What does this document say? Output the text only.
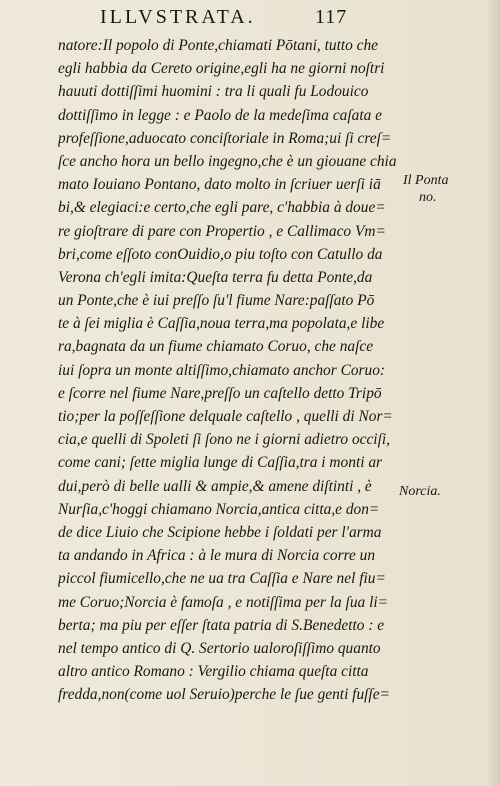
ILLVSTRATA.	117
natore:Il popolo di Ponte,chiamati Pōtani, tutto che
egli habbia da Cereto origine,egli ha ne giorni noſtri
hauuti dottiſſimi huomini : tra li quali fu Lodouico
dottiſſimo in legge : e Paolo de la medeſima caſata e
profeſſione,aduocato conciſtoriale in Roma;ui ſi creſ=
ſce ancho hora un bello ingegno,che è un giouane chia
mato Iouiano Pontano, dato molto in ſcriuer uerſi iā
bi,& elegiaci:e certo,che egli pare, c'habbia à doue=
re gioſtrare di pare con Propertio , e Callimaco Vm=
bri,come eſſoto conOuidio,o piu toſto con Catullo da
Verona ch'egli imita:Queſta terra fu detta Ponte,da
un Ponte,che è iui preſſo ſu'l fiume Nare:paſſato Pō
te à ſei miglia è Caſſia,noua terra,ma popolata,e libe
ra,bagnata da un fiume chiamato Coruo, che naſce
iui ſopra un monte altiſſimo,chiamato anchor Coruo:
e ſcorre nel fiume Nare,preſſo un caſtello detto Tripō
tio;per la poſſeſſione delquale caſtello , quelli di Nor=
cia,e quelli di Spoleti ſi ſono ne i giorni adietro occiſi,
come cani; ſette miglia lunge di Caſſia,tra i monti ar
dui,però di belle ualli & ampie,& amene diſtinti , è
Nurſia,c'hoggi chiamano Norcia,antica citta,e don=
de dice Liuio che Scipione hebbe i ſoldati per l'arma
ta andando in Africa : à le mura di Norcia corre un
piccol fiumicello,che ne ua tra Caſſia e Nare nel fiu=
me Coruo;Norcia è famoſa , e notiſſima per la ſua li=
berta; ma piu per eſſer ſtata patria di S.Benedetto : e
nel tempo antico di Q. Sertorio ualoroſiſſimo quanto
altro antico Romano : Vergilio chiama queſta citta
fredda,non(come uol Seruio)perche le ſue genti fuſſe=
Il Ponta
no.
Norcia.
